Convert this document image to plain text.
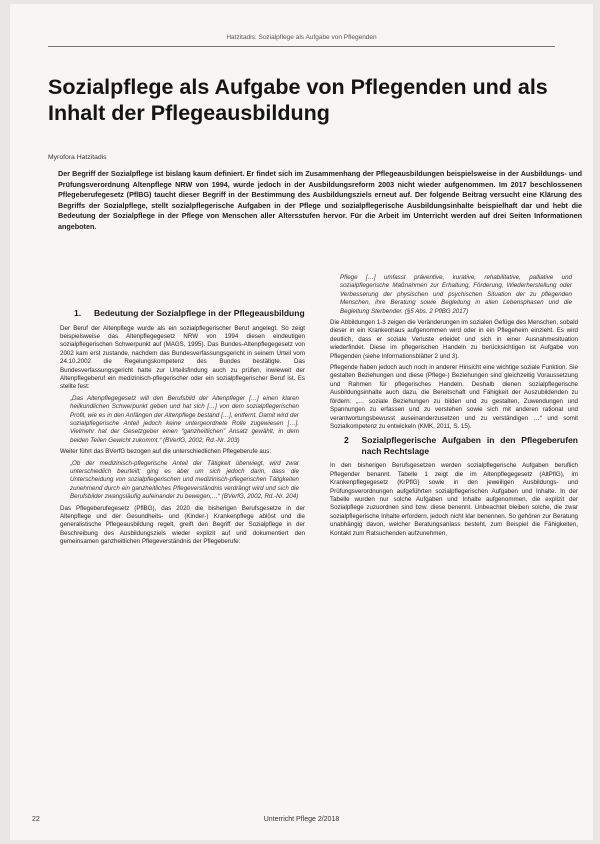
Hatzitadis: Sozialpflege als Aufgabe von Pflegenden
Sozialpflege als Aufgabe von Pflegenden und als Inhalt der Pflegeausbildung
Myrofora Hatzitadis

Der Begriff der Sozialpflege ist bislang kaum definiert. Er findet sich im Zusammenhang der Pflegeausbildungen beispielsweise in der Ausbildungs- und Prüfungsverordnung Altenpflege NRW von 1994, wurde jedoch in der Ausbildungsreform 2003 nicht wieder aufgenommen. Im 2017 beschlossenen Pflegeberufegesetz (PflBG) taucht dieser Begriff in der Bestimmung des Ausbildungsziels erneut auf. Der folgende Beitrag versucht eine Klärung des Begriffs der Sozialpflege, stellt sozialpflegerische Aufgaben in der Pflege und sozialpflegerische Ausbildungsinhalte beispielhaft dar und hebt die Bedeutung der Sozialpflege in der Pflege von Menschen aller Altersstufen hervor. Für die Arbeit im Unterricht werden auf drei Seiten Informationen angeboten.

1.	Bedeutung der Sozialpflege in der Pflegeausbildung

Der Beruf der Altenpflege wurde als ein sozialpflegerischer Beruf angelegt. So zeigt beispielsweise das Altenpflegegesetz NRW von 1994 diesen eindeutigen sozialpflegerischen Schwerpunkt auf (MAGS, 1995). Das Bundes-Altenpflegegesetz von 2002 kam erst zustande, nachdem das Bundesverfassungsgericht in seinem Urteil vom 24.10.2002 die Regelungskompetenz des Bundes bestätigte. Das Bundesverfassungsgericht hatte zur Urteilsfindung auch zu prüfen, inwieweit der Altenpflegeberuf ein medizinisch-pflegerischer oder ein sozialpflegerischer Beruf ist. Es stellte fest:

„Das Altenpflegegesetz will den Berufsbild der Altenpfleger […] einen klaren heilkundlichen Schwerpunkt geben und hat sich […] von dem sozialpflegerischen Profil, wie es in den Anfängen der Altenpflege bestand […], entfernt. Damit wird der sozialpflegerische Anteil jedoch keine untergeordnete Rolle zugewiesen […]. Vielmehr hat der Gesetzgeber einen “ganzheitlichen” Ansatz gewählt, in dem beiden Teilen Gewicht zukommt.“ (BVerfG, 2002, Rd.-Nr. 203)

Weiter führt das BVerfG bezogen auf die unterschiedlichen Pflegeberufe aus:

„Ob der medizinisch-pflegerische Anteil der Tätigkeit überwiegt, wird zwar unterschiedlich beurteilt; ging es aber um sich jedoch darin, dass die Unterscheidung von sozialpflegerischen und medizinisch-pflegerischen Tätigkeiten zunehmend durch ein ganzheitliches Pflegeverständnis verdrängt wird und sich die Berufsbilder zwangsläufig aufeinander zu bewegen,…“ (BVerfG, 2002, Rd.-Nr. 204)

Das Pflegeberufegesetz (PflBG), das 2020 die bisherigen Berufsgesetze in der Altenpflege und der Gesundheits- und (Kinder-) Krankenpflege ablöst und die generalistische Pflegeausbildung regelt, greift den Begriff der Sozialpflege in der Beschreibung des Ausbildungsziels wieder explizit auf und dokumentiert den gemeinsamen ganzheitlichen Pflegeverständnis der Pflegeberufe:

Pflege […] umfasst präventive, kurative, rehabilitative, palliative und sozialpflegerische Maßnahmen zur Erhaltung, Förderung, Wiederherstellung oder Verbesserung der physischen und psychischen Situation der zu pflegenden Menschen, ihre Beratung sowie Begleitung in allen Lebensphasen und die Begleitung Sterbender. (§5 Abs. 2 PflBG 2017)

Die Abbildungen 1-3 zeigen die Veränderungen im sozialen Gefüge des Menschen, sobald dieser in ein Krankenhaus aufgenommen wird oder in ein Pflegeheim einzieht. Es wird deutlich, dass er soziale Verluste erleidet und sich in einer Ausnahmesituation wiederfindet. Diese im pflegerischen Handeln zu berücksichtigen ist Aufgabe von Pflegenden (siehe Informationsblätter 2 und 3).

Pflegende haben jedoch auch noch in anderer Hinsicht eine wichtige soziale Funktion. Sie gestalten Beziehungen und diese (Pflege-) Beziehungen sind gleichzeitig Voraussetzung und Rahmen für pflegerisches Handeln. Deshalb dienen sozialpflegerische Ausbildungsinhalte auch dazu, die Bereitschaft und Fähigkeit der Auszubildenden zu fördern: „… soziale Beziehungen zu bilden und zu gestalten, Zuwendungen und Spannungen zu erfassen und zu verstehen sowie sich mit anderen rational und verantwortungsbewusst auseinanderzusetzen und zu verständigen …“ und somit Sozialkompetenz zu entwickeln (KMK, 2011, S. 15).

2	Sozialpflegerische Aufgaben in den Pflegeberufen nach Rechtslage

In den bisherigen Berufsgesetzen werden sozialpflegerische Aufgaben beruflich Pflegender benannt. Tabelle 1 zeigt die im Altenpflegegesetz (AltPflG), im Krankenpflegegesetz (KrPflG) sowie in den jeweiligen Ausbildungs- und Prüfungsverordnungen aufgeführten sozialpflegerischen Aufgaben und Inhalte. In der Tabelle wurden nur solche Aufgaben und Inhalte aufgenommen, die explizit der Sozialpflege zuzuordnen sind bzw. diese benennt. Unbeachtet bleiben solche, die zwar sozialpflegerische Inhalte erfordern, jedoch nicht klar benennen. So gehören zur Beratung unabhängig davon, welcher Beratungsanlass besteht, zum Beispiel die Fähigkeiten, Kontakt zum Ratsuchenden aufzunehmen,

22	Unterricht Pflege 2/2018
